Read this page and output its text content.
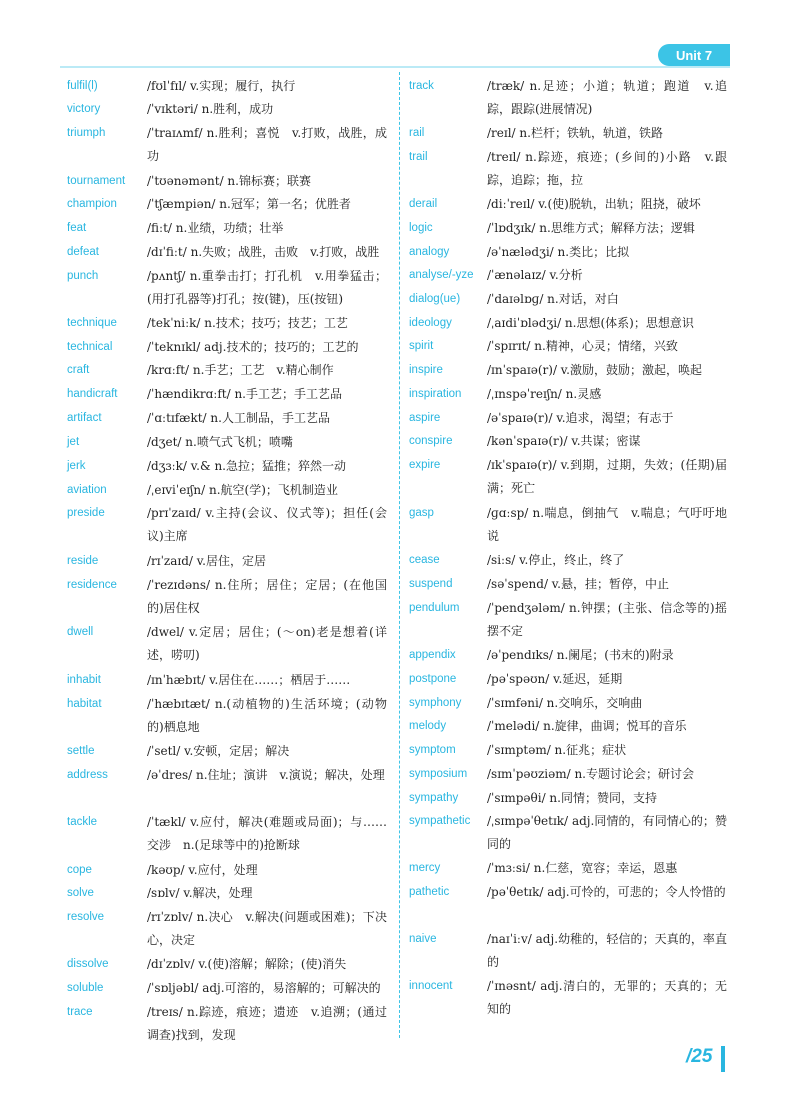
Unit 7
fulfil(l)	/fʊlˈfɪl/ v.实现；履行，执行
victory	/ˈvɪktəri/ n.胜利，成功
triumph	/ˈtraɪʌmf/ n.胜利；喜悦　v.打败，战胜，成功
tournament /ˈtʊənəmənt/ n.锦标赛；联赛
champion	/ˈtʃæmpiən/ n.冠军；第一名；优胜者
feat	/fiːt/ n.业绩，功绩；壮举
defeat	/dɪˈfiːt/ n.失败；战胜，击败　v.打败，战胜
punch	/pʌntʃ/ n.重拳击打；打孔机　v.用拳猛击；(用打孔器等)打孔；按(键)，压(按钮)
technique	/tekˈniːk/ n.技术；技巧；技艺；工艺
technical	/ˈteknɪkl/ adj.技术的；技巧的；工艺的
craft	/krɑːft/ n.手艺；工艺　v.精心制作
handicraft /ˈhændikrɑːft/ n.手工艺；手工艺品
artifact	/ˈɑːtɪfækt/ n.人工制品，手工艺品
jet	/dʒet/ n.喷气式飞机；喷嘴
jerk	/dʒɜːk/ v.& n.急拉；猛推；猝然一动
aviation	/ˌeɪviˈeɪʃn/ n.航空(学)；飞机制造业
preside	/prɪˈzaɪd/ v.主持(会议、仪式等)；担任(会议)主席
reside	/rɪˈzaɪd/ v.居住，定居
residence	/ˈrezɪdəns/ n.住所；居住；定居；(在他国的)居住权
dwell	/dwel/ v.定居；居住；(～on)老是想着(详述，唠叨)
inhabit	/ɪnˈhæbɪt/ v.居住在……；栖居于……
habitat	/ˈhæbɪtæt/ n.(动植物的)生活环境；(动物的)栖息地
settle	/ˈsetl/ v.安顿，定居；解决
address	/əˈdres/ n.住址；演讲　v.演说；解决，处理
tackle	/ˈtækl/ v.应付，解决(难题或局面)；与……交涉　n.(足球等中的)抢断球
cope	/kəʊp/ v.应付，处理
solve	/sɒlv/ v.解决，处理
resolve	/rɪˈzɒlv/ n.决心　v.解决(问题或困难)；下决心，决定
dissolve	/dɪˈzɒlv/ v.(使)溶解；解除；(使)消失
soluble	/ˈsɒljəbl/ adj.可溶的，易溶解的；可解决的
trace	/treɪs/ n.踪迹，痕迹；遗迹　v.追溯；(通过调查)找到，发现
track	/træk/ n.足迹；小道；轨道；跑道　v.追踪，跟踪(进展情况)
rail	/reɪl/ n.栏杆；铁轨，轨道，铁路
trail	/treɪl/ n.踪迹，痕迹；(乡间的)小路　v.跟踪，追踪；拖，拉
derail	/diːˈreɪl/ v.(使)脱轨，出轨；阻挠，破坏
logic	/ˈlɒdʒɪk/ n.思维方式；解释方法；逻辑
analogy	/əˈnælədʒi/ n.类比；比拟
analyse/-yze /ˈænəlaɪz/ v.分析
dialog(ue) /ˈdaɪəlɒɡ/ n.对话，对白
ideology	/ˌaɪdiˈɒlədʒi/ n.思想(体系)；思想意识
spirit	/ˈspɪrɪt/ n.精神，心灵；情绪，兴致
inspire	/ɪnˈspaɪə(r)/ v.激励，鼓励；激起，唤起
inspiration /ˌɪnspəˈreɪʃn/ n.灵感
aspire	/əˈspaɪə(r)/ v.追求，渴望；有志于
conspire	/kənˈspaɪə(r)/ v.共谋；密谋
expire	/ɪkˈspaɪə(r)/ v.到期，过期，失效；(任期)届满；死亡
gasp	/ɡɑːsp/ n.喘息，倒抽气　v.喘息；气吁吁地说
cease	/siːs/ v.停止，终止，终了
suspend	/səˈspend/ v.悬，挂；暂停，中止
pendulum /ˈpendʒələm/ n.钟摆；(主张、信念等的)摇摆不定
appendix	/əˈpendɪks/ n.阑尾；(书末的)附录
postpone	/pəˈspəʊn/ v.延迟，延期
symphony /ˈsɪmfəni/ n.交响乐，交响曲
melody	/ˈmelədi/ n.旋律，曲调；悦耳的音乐
symptom	/ˈsɪmptəm/ n.征兆；症状
symposium /sɪmˈpəʊziəm/ n.专题讨论会；研讨会
sympathy /ˈsɪmpəθi/ n.同情；赞同，支持
sympathetic /ˌsɪmpəˈθetɪk/ adj.同情的，有同情心的；赞同的
mercy	/ˈmɜːsi/ n.仁慈，宽容；幸运，恩惠
pathetic	/pəˈθetɪk/ adj.可怜的，可悲的；令人怜惜的
naive	/naɪˈiːv/ adj.幼稚的，轻信的；天真的，率直的
innocent	/ˈɪnəsnt/ adj.清白的，无罪的；天真的；无知的
/25
